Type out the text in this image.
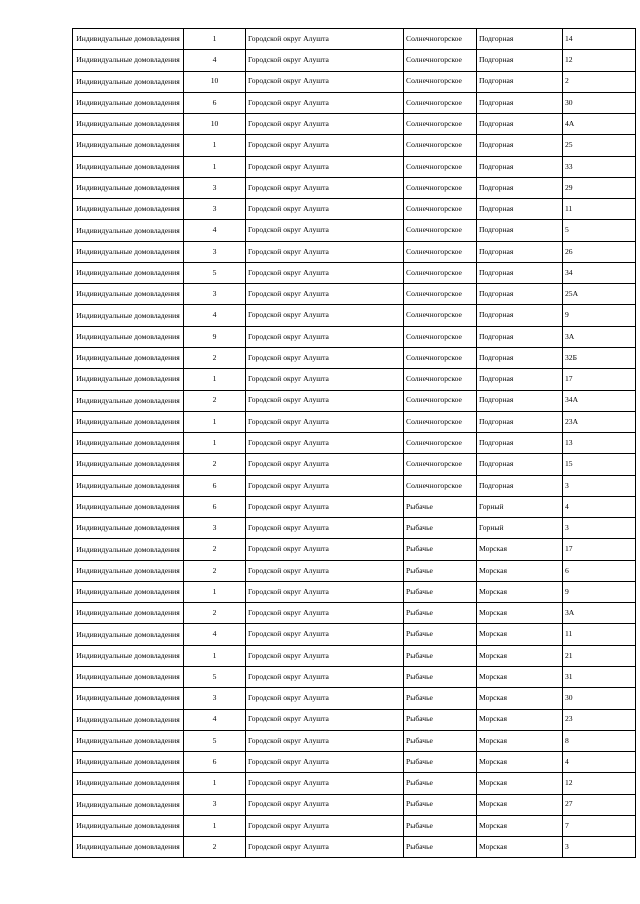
Индивидуальные домовладения	1	Городской округ Алушта	Солнечногорское	Подгорная	14
Индивидуальные домовладения	4	Городской округ Алушта	Солнечногорское	Подгорная	12
Индивидуальные домовладения	10	Городской округ Алушта	Солнечногорское	Подгорная	2
Индивидуальные домовладения	6	Городской округ Алушта	Солнечногорское	Подгорная	30
Индивидуальные домовладения	10	Городской округ Алушта	Солнечногорское	Подгорная	4А
Индивидуальные домовладения	1	Городской округ Алушта	Солнечногорское	Подгорная	25
Индивидуальные домовладения	1	Городской округ Алушта	Солнечногорское	Подгорная	33
Индивидуальные домовладения	3	Городской округ Алушта	Солнечногорское	Подгорная	29
Индивидуальные домовладения	3	Городской округ Алушта	Солнечногорское	Подгорная	11
Индивидуальные домовладения	4	Городской округ Алушта	Солнечногорское	Подгорная	5
Индивидуальные домовладения	3	Городской округ Алушта	Солнечногорское	Подгорная	26
Индивидуальные домовладения	5	Городской округ Алушта	Солнечногорское	Подгорная	34
Индивидуальные домовладения	3	Городской округ Алушта	Солнечногорское	Подгорная	25А
Индивидуальные домовладения	4	Городской округ Алушта	Солнечногорское	Подгорная	9
Индивидуальные домовладения	9	Городской округ Алушта	Солнечногорское	Подгорная	3А
Индивидуальные домовладения	2	Городской округ Алушта	Солнечногорское	Подгорная	32Б
Индивидуальные домовладения	1	Городской округ Алушта	Солнечногорское	Подгорная	17
Индивидуальные домовладения	2	Городской округ Алушта	Солнечногорское	Подгорная	34А
Индивидуальные домовладения	1	Городской округ Алушта	Солнечногорское	Подгорная	23А
Индивидуальные домовладения	1	Городской округ Алушта	Солнечногорское	Подгорная	13
Индивидуальные домовладения	2	Городской округ Алушта	Солнечногорское	Подгорная	15
Индивидуальные домовладения	6	Городской округ Алушта	Солнечногорское	Подгорная	3
Индивидуальные домовладения	6	Городской округ Алушта	Рыбачье	Горный	4
Индивидуальные домовладения	3	Городской округ Алушта	Рыбачье	Горный	3
Индивидуальные домовладения	2	Городской округ Алушта	Рыбачье	Морская	17
Индивидуальные домовладения	2	Городской округ Алушта	Рыбачье	Морская	6
Индивидуальные домовладения	1	Городской округ Алушта	Рыбачье	Морская	9
Индивидуальные домовладения	2	Городской округ Алушта	Рыбачье	Морская	3А
Индивидуальные домовладения	4	Городской округ Алушта	Рыбачье	Морская	11
Индивидуальные домовладения	1	Городской округ Алушта	Рыбачье	Морская	21
Индивидуальные домовладения	5	Городской округ Алушта	Рыбачье	Морская	31
Индивидуальные домовладения	3	Городской округ Алушта	Рыбачье	Морская	30
Индивидуальные домовладения	4	Городской округ Алушта	Рыбачье	Морская	23
Индивидуальные домовладения	5	Городской округ Алушта	Рыбачье	Морская	8
Индивидуальные домовладения	6	Городской округ Алушта	Рыбачье	Морская	4
Индивидуальные домовладения	1	Городской округ Алушта	Рыбачье	Морская	12
Индивидуальные домовладения	3	Городской округ Алушта	Рыбачье	Морская	27
Индивидуальные домовладения	1	Городской округ Алушта	Рыбачье	Морская	7
Индивидуальные домовладения	2	Городской округ Алушта	Рыбачье	Морская	3
